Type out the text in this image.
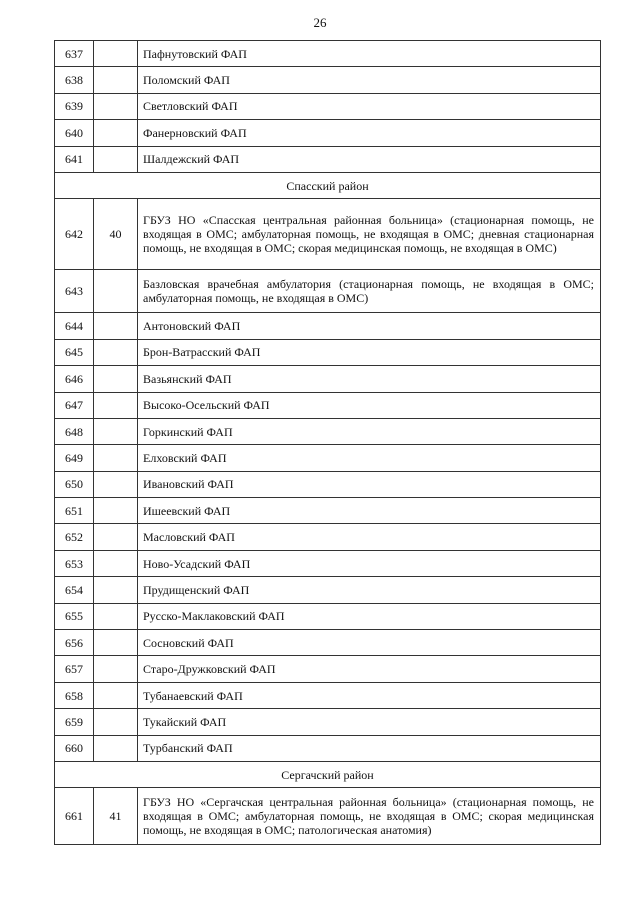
26
637		Пафнутовский ФАП
638		Поломский ФАП
639		Светловский ФАП
640		Фанерновский ФАП
641		Шалдежский ФАП
Спасский район		
642	40	ГБУЗ НО «Спасская центральная районная больница» (стационарная помощь, не входящая в ОМС; амбулаторная помощь, не входящая в ОМС; дневная стационарная помощь, не входящая в ОМС; скорая медицинская помощь, не входящая в ОМС)
643		Базловская врачебная амбулатория (стационарная помощь, не входящая в ОМС; амбулаторная помощь, не входящая в ОМС)
644		Антоновский ФАП
645		Брон-Ватрасский ФАП
646		Вазьянский ФАП
647		Высоко-Осельский ФАП
648		Горкинский ФАП
649		Елховский ФАП
650		Ивановский ФАП
651		Ишеевский ФАП
652		Масловский ФАП
653		Ново-Усадский ФАП
654		Прудищенский ФАП
655		Русско-Маклаковский ФАП
656		Сосновский ФАП
657		Старо-Дружковский ФАП
658		Тубанаевский ФАП
659		Тукайский ФАП
660		Турбанский ФАП
Сергачский район		
661	41	ГБУЗ НО «Сергачская центральная районная больница» (стационарная помощь, не входящая в ОМС; амбулаторная помощь, не входящая в ОМС; скорая медицинская помощь, не входящая в ОМС; патологическая анатомия)
